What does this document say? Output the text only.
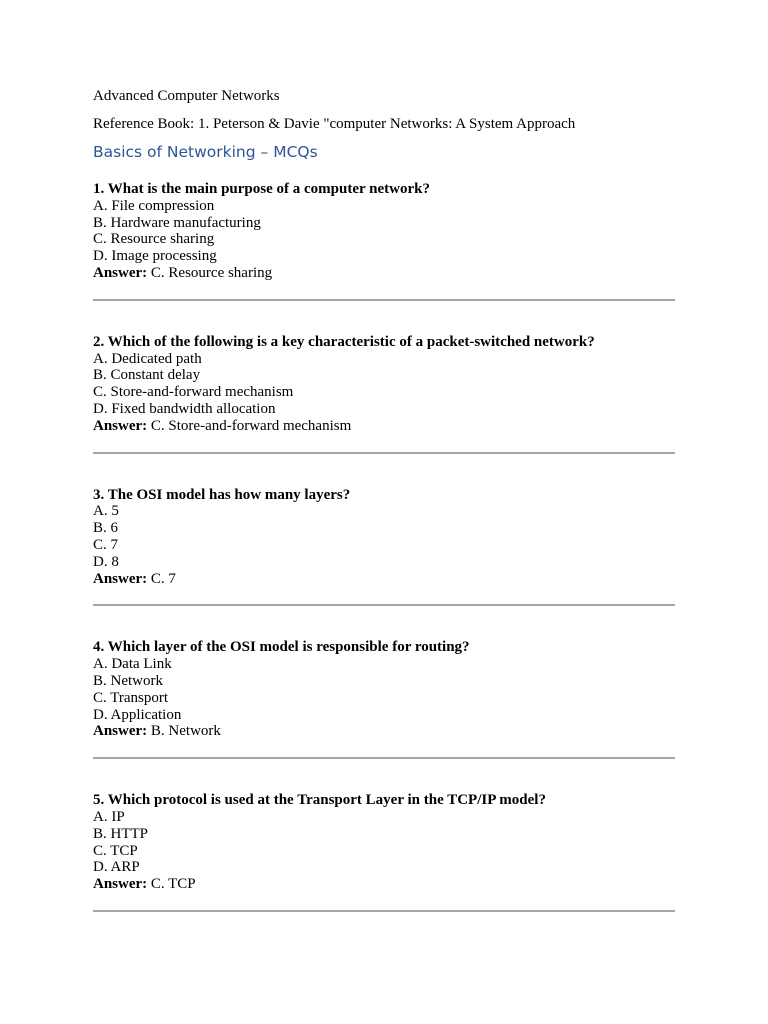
Advanced Computer Networks

Reference Book: 1. Peterson & Davie "computer Networks: A System Approach

Basics of Networking – MCQs

1. What is the main purpose of a computer network?

A. File compression

B. Hardware manufacturing

C. Resource sharing

D. Image processing

Answer: C. Resource sharing

2. Which of the following is a key characteristic of a packet-switched network?

A. Dedicated path

B. Constant delay

C. Store-and-forward mechanism

D. Fixed bandwidth allocation

Answer: C. Store-and-forward mechanism

3. The OSI model has how many layers?

A. 5

B. 6

C. 7

D. 8

Answer: C. 7

4. Which layer of the OSI model is responsible for routing?

A. Data Link

B. Network

C. Transport

D. Application

Answer: B. Network

5. Which protocol is used at the Transport Layer in the TCP/IP model?

A. IP

B. HTTP

C. TCP

D. ARP

Answer: C. TCP
